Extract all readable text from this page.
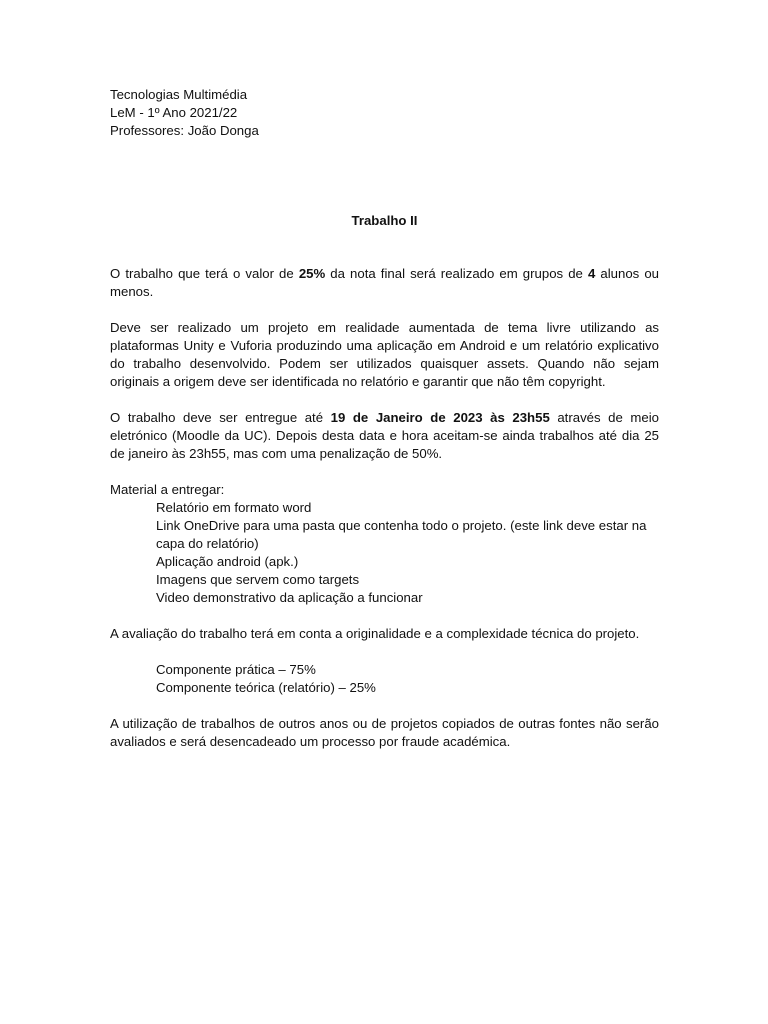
Tecnologias Multimédia
LeM - 1º Ano 2021/22
Professores: João Donga
Trabalho II

O trabalho que terá o valor de 25% da nota final será realizado em grupos de 4 alunos ou menos.

Deve ser realizado um projeto em realidade aumentada de tema livre utilizando as plataformas Unity e Vuforia produzindo uma aplicação em Android e um relatório explicativo do trabalho desenvolvido. Podem ser utilizados quaisquer assets. Quando não sejam originais a origem deve ser identificada no relatório e garantir que não têm copyright.

O trabalho deve ser entregue até 19 de Janeiro de 2023 às 23h55 através de meio eletrónico (Moodle da UC). Depois desta data e hora aceitam-se ainda trabalhos até dia 25 de janeiro às 23h55, mas com uma penalização de 50%.

Material a entregar:

Relatório em formato word
Link OneDrive para uma pasta que contenha todo o projeto. (este link deve estar na capa do relatório)
Aplicação android (apk.)
Imagens que servem como targets
Video demonstrativo da aplicação a funcionar

A avaliação do trabalho terá em conta a originalidade e a complexidade técnica do projeto.

Componente prática – 75%
Componente teórica (relatório) – 25%

A utilização de trabalhos de outros anos ou de projetos copiados de outras fontes não serão avaliados e será desencadeado um processo por fraude académica.
